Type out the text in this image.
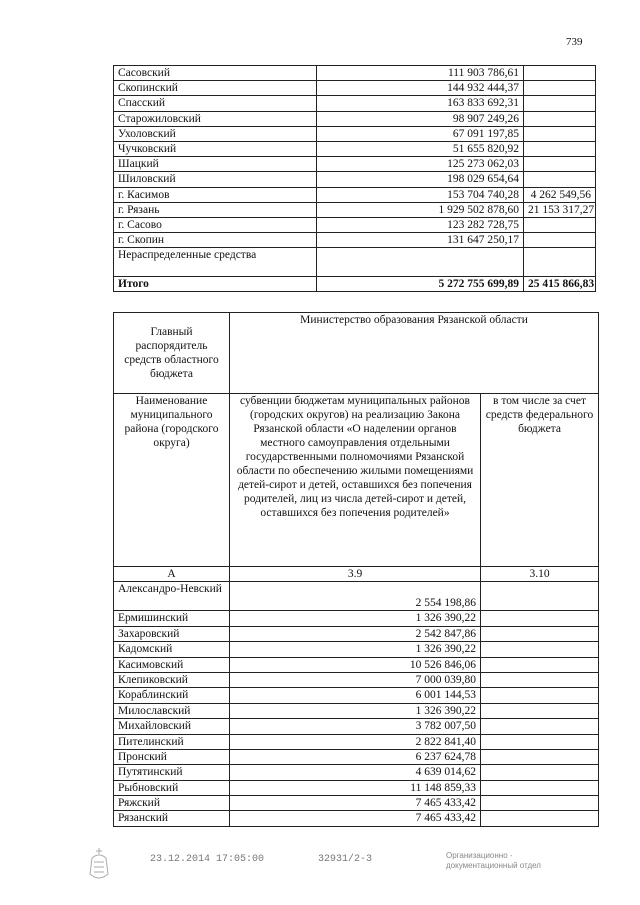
739
Сасовский	111 903 786,61	
Скопинский	144 932 444,37	
Спасский	163 833 692,31	
Старожиловский	98 907 249,26	
Ухоловский	67 091 197,85	
Чучковский	51 655 820,92	
Шацкий	125 273 062,03	
Шиловский	198 029 654,64	
г. Касимов	153 704 740,28	4 262 549,56
г. Рязань	1 929 502 878,60	21 153 317,27
г. Сасово	123 282 728,75	
г. Скопин	131 647 250,17	
Нераспределенные средства		
Итого	5 272 755 699,89	25 415 866,83
Главный распорядитель средств областного бюджета	Министерство образования Рязанской области	
Наименование муниципального района (городского округа)	субвенции бюджетам муниципальных районов (городских округов) на реализацию Закона Рязанской области «О наделении органов местного самоуправления отдельными государственными полномочиями Рязанской области по обеспечению жилыми помещениями детей-сирот и детей, оставшихся без попечения родителей, лиц из числа детей-сирот и детей, оставшихся без попечения родителей»	в том числе за счет средств федерального бюджета
А	3.9	3.10
Александро-Невский	2 554 198,86	
Ермишинский	1 326 390,22	
Захаровский	2 542 847,86	
Кадомский	1 326 390,22	
Касимовский	10 526 846,06	
Клепиковский	7 000 039,80	
Кораблинский	6 001 144,53	
Милославский	1 326 390,22	
Михайловский	3 782 007,50	
Пителинский	2 822 841,40	
Пронский	6 237 624,78	
Путятинский	4 639 014,62	
Рыбновский	11 148 859,33	
Ряжский	7 465 433,42	
Рязанский	7 465 433,42	
23.12.2014 17:05:00	32931/2-3	Организационно -
документационный отдел
